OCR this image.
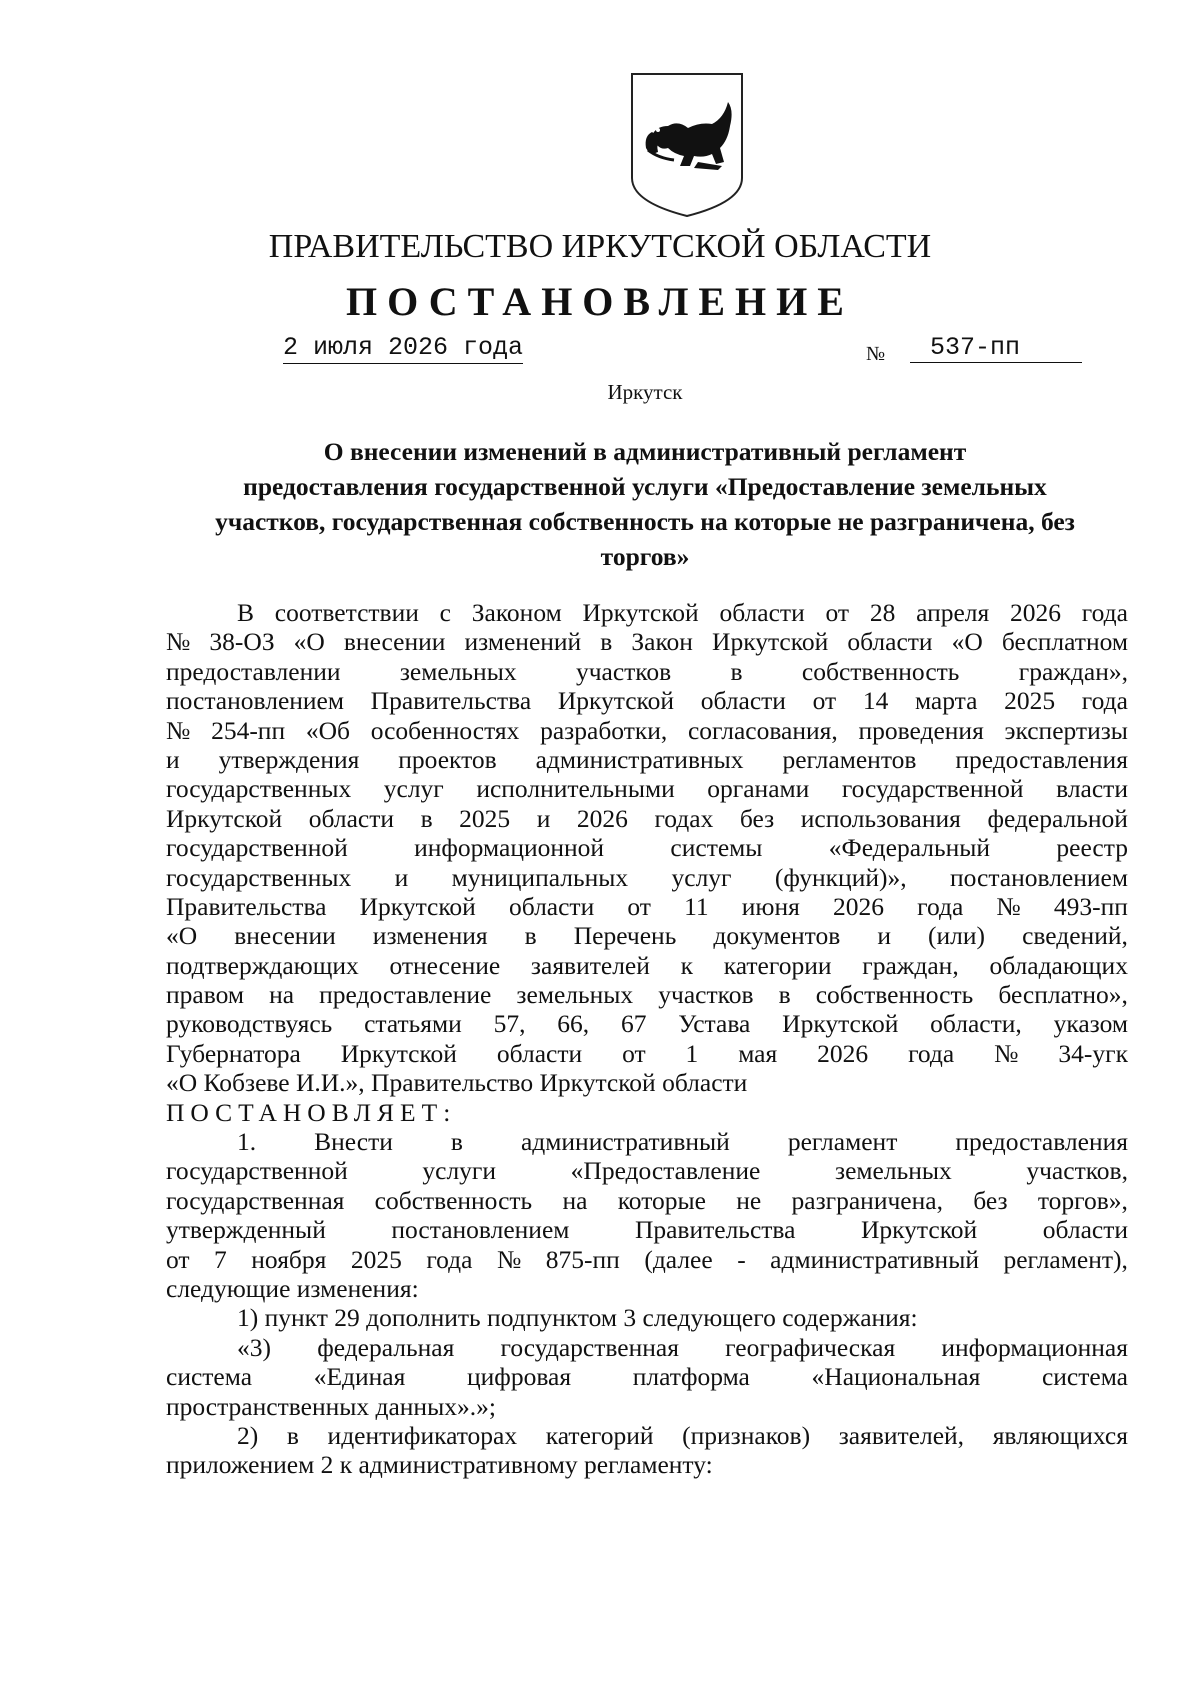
ПРАВИТЕЛЬСТВО ИРКУТСКОЙ ОБЛАСТИ
ПОСТАНОВЛЕНИЕ
2 июля 2026 года	№	537-пп
Иркутск
О внесении изменений в административный регламент
предоставления государственной услуги «Предоставление земельных
участков, государственная собственность на которые не разграничена, без
торгов»
В соответствии с Законом Иркутской области от 28 апреля 2026 года
№ 38-ОЗ «О внесении изменений в Закон Иркутской области «О бесплатном
предоставлении земельных участков в собственность граждан»,
постановлением Правительства Иркутской области от 14 марта 2025 года
№ 254-пп «Об особенностях разработки, согласования, проведения экспертизы
и утверждения проектов административных регламентов предоставления
государственных услуг исполнительными органами государственной власти
Иркутской области в 2025 и 2026 годах без использования федеральной
государственной	информационной	системы	«Федеральный	реестр
государственных и муниципальных услуг (функций)», постановлением
Правительства Иркутской области от 11 июня 2026 года № 493-пп
«О внесении изменения в Перечень документов и (или) сведений,
подтверждающих отнесение заявителей к категории граждан, обладающих
правом на предоставление земельных участков в собственность бесплатно»,
руководствуясь статьями 57, 66, 67 Устава Иркутской области, указом
Губернатора Иркутской области от 1 мая 2026 года № 34-угк
«О Кобзеве И.И.», Правительство Иркутской области
ПОСТАНОВЛЯЕТ:
1. Внести в административный регламент предоставления
государственной	услуги	«Предоставление	земельных	участков,
государственная собственность на которые не разграничена, без торгов»,
утвержденный	постановлением	Правительства	Иркутской	области
от 7 ноября 2025 года № 875-пп (далее - административный регламент),
следующие изменения:
1) пункт 29 дополнить подпунктом 3 следующего содержания:
«3) федеральная государственная географическая информационная
система «Единая цифровая платформа «Национальная система
пространственных данных».»;
2) в идентификаторах категорий (признаков) заявителей, являющихся
приложением 2 к административному регламенту:
